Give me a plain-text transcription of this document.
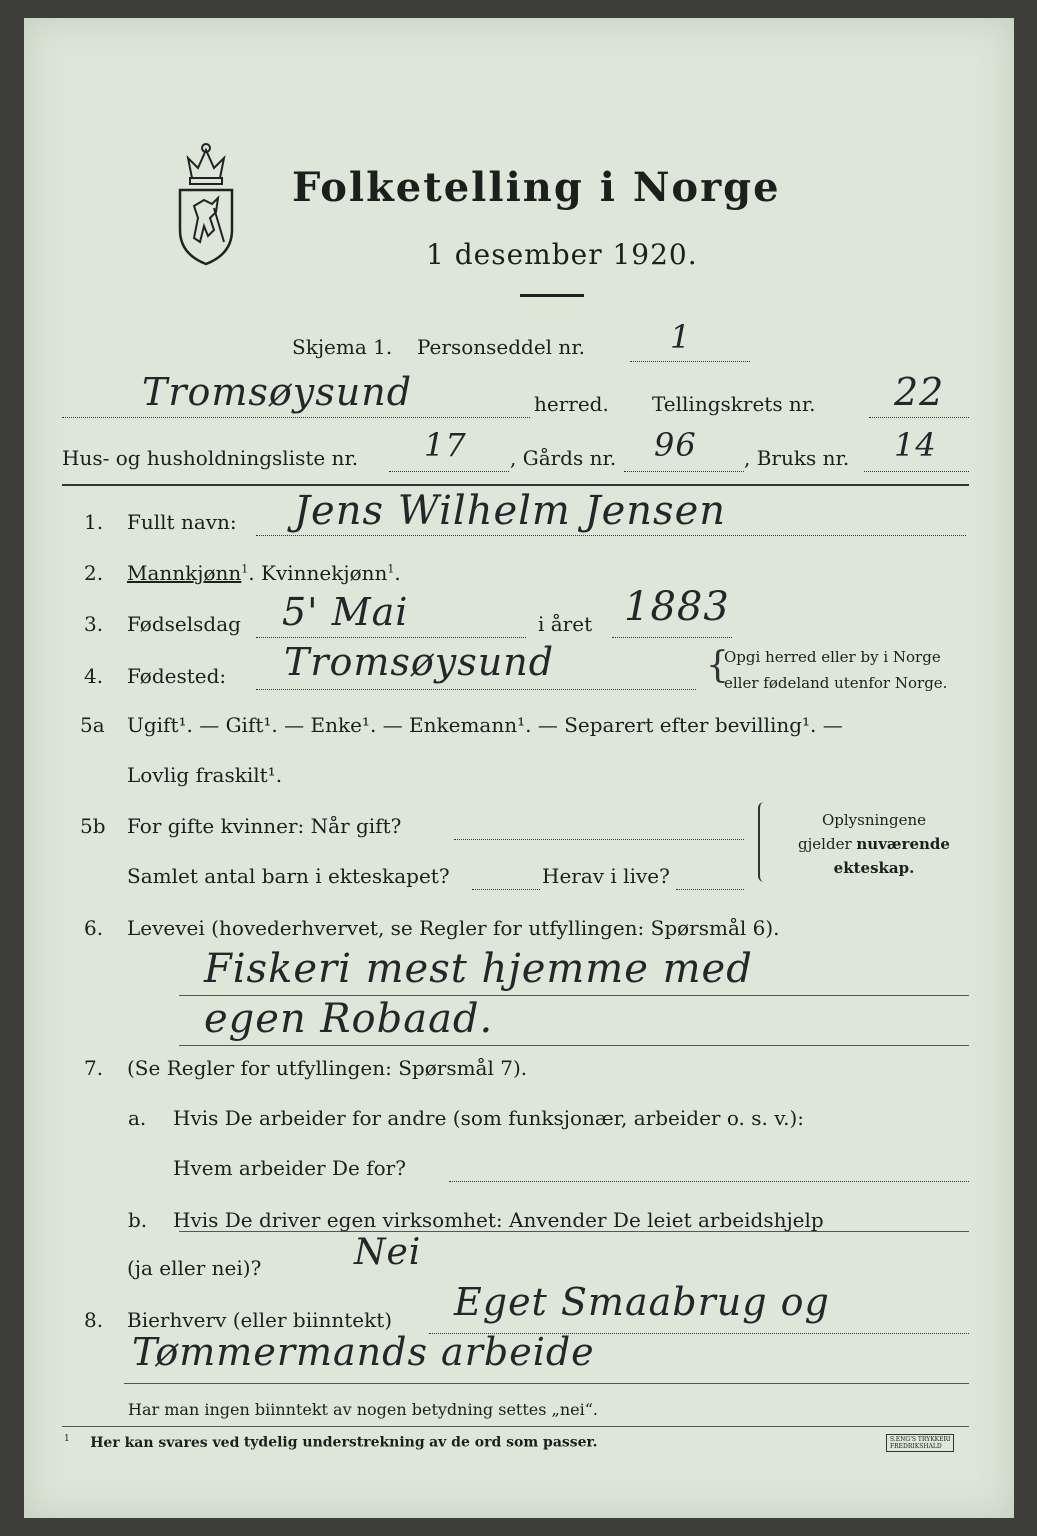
Folketelling i Norge
1 desember 1920.
Skjema 1. Personseddel nr.	1
Tromsøysund	herred. Tellingskrets nr. 22
Hus- og husholdningsliste nr. 17 , Gårds nr. 96 , Bruks nr. 14
1. Fullt navn: Jens Wilhelm Jensen
2. Mannkjønn$^1$. Kvinnekjønn$^1$.
3. Fødselsdag 5' Mai	i året 1883
4. Fødested: Tromsøysund	{
Opgi herred eller by i Norge
eller fødeland utenfor Norge.
5a Ugift¹. — Gift¹. — Enke¹. — Enkemann¹. — Separert efter bevilling¹. —
Lovlig fraskilt¹.
5b For gifte kvinner: Når gift?
Samlet antal barn i ekteskapet?	Herav i live?
Oplysningene
gjelder nuværende
ekteskap.
6. Levevei (hovederhvervet, se Regler for utfyllingen: Spørsmål 6).
Fiskeri mest hjemme med
egen Robaad.
7. (Se Regler for utfyllingen: Spørsmål 7).
a. Hvis De arbeider for andre (som funksjonær, arbeider o. s. v.):
Hvem arbeider De for?
b. Hvis De driver egen virksomhet: Anvender De leiet arbeidshjelp
(ja eller nei)?	Nei
8. Bierhverv (eller biinntekt) Eget Smaabrug og
Tømmermands arbeide
Har man ingen biinntekt av nogen betydning settes „nei“.
$^1$ Her kan svares ved tydelig understrekning av de ord som passer.	S.ENG'S TRYKKERI
FREDRIKSHALD
